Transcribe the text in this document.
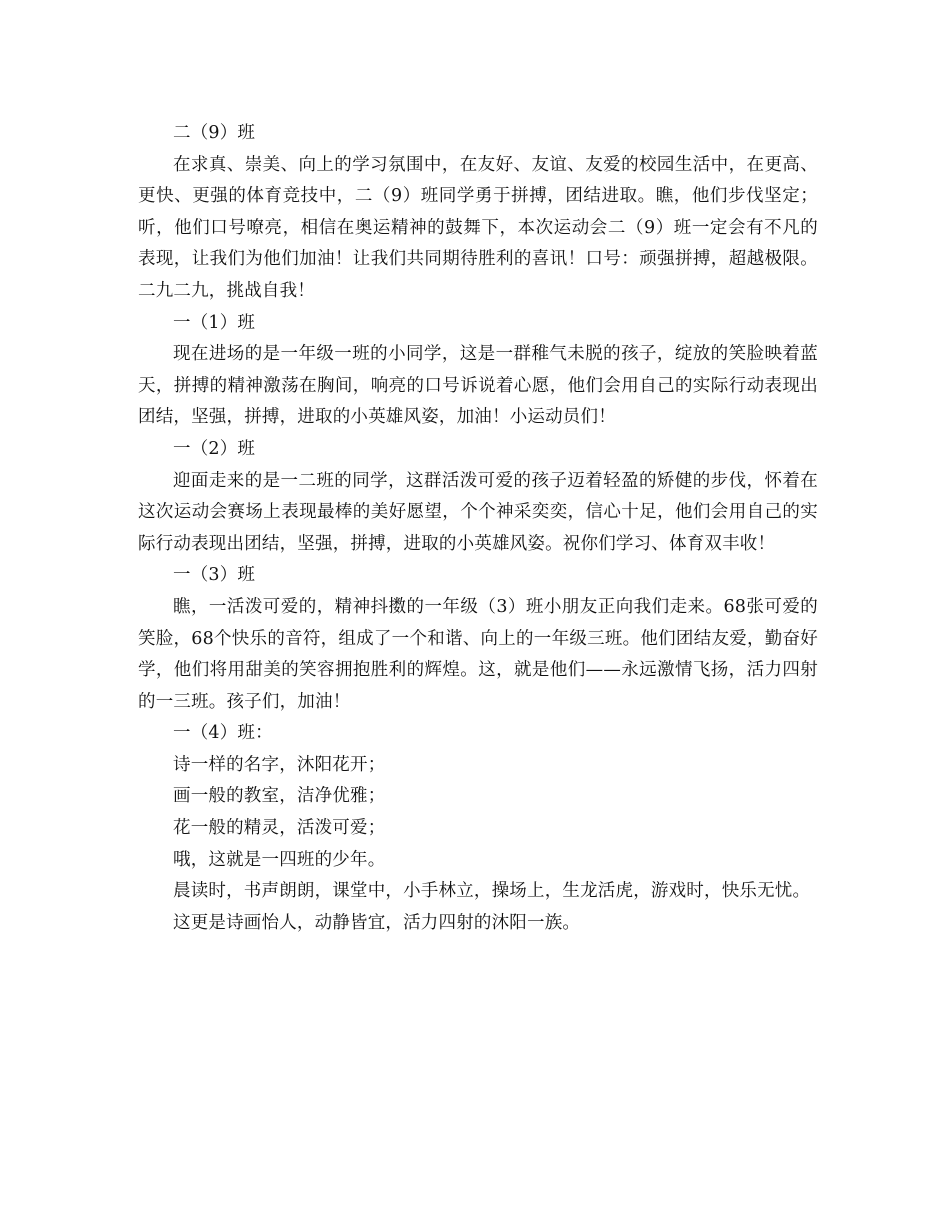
二（9）班

在求真、崇美、向上的学习氛围中，在友好、友谊、友爱的校园生活中，在更高、更快、更强的体育竞技中，二（9）班同学勇于拼搏，团结进取。瞧，他们步伐坚定；听，他们口号嘹亮，相信在奥运精神的鼓舞下，本次运动会二（9）班一定会有不凡的表现，让我们为他们加油！让我们共同期待胜利的喜讯！口号：顽强拼搏，超越极限。二九二九，挑战自我！

一（1）班

现在进场的是一年级一班的小同学，这是一群稚气未脱的孩子，绽放的笑脸映着蓝天，拼搏的精神激荡在胸间，响亮的口号诉说着心愿，他们会用自己的实际行动表现出团结，坚强，拼搏，进取的小英雄风姿，加油！小运动员们！

一（2）班

迎面走来的是一二班的同学，这群活泼可爱的孩子迈着轻盈的矫健的步伐，怀着在这次运动会赛场上表现最棒的美好愿望，个个神采奕奕，信心十足，他们会用自己的实际行动表现出团结，坚强，拼搏，进取的小英雄风姿。祝你们学习、体育双丰收！

一（3）班

瞧，一活泼可爱的，精神抖擞的一年级（3）班小朋友正向我们走来。68张可爱的笑脸，68个快乐的音符，组成了一个和谐、向上的一年级三班。他们团结友爱，勤奋好学，他们将用甜美的笑容拥抱胜利的辉煌。这，就是他们——永远激情飞扬，活力四射的一三班。孩子们，加油！

一（4）班：

诗一样的名字，沐阳花开；

画一般的教室，洁净优雅；

花一般的精灵，活泼可爱；

哦，这就是一四班的少年。

晨读时，书声朗朗，课堂中，小手林立，操场上，生龙活虎，游戏时，快乐无忧。

这更是诗画怡人，动静皆宜，活力四射的沐阳一族。
